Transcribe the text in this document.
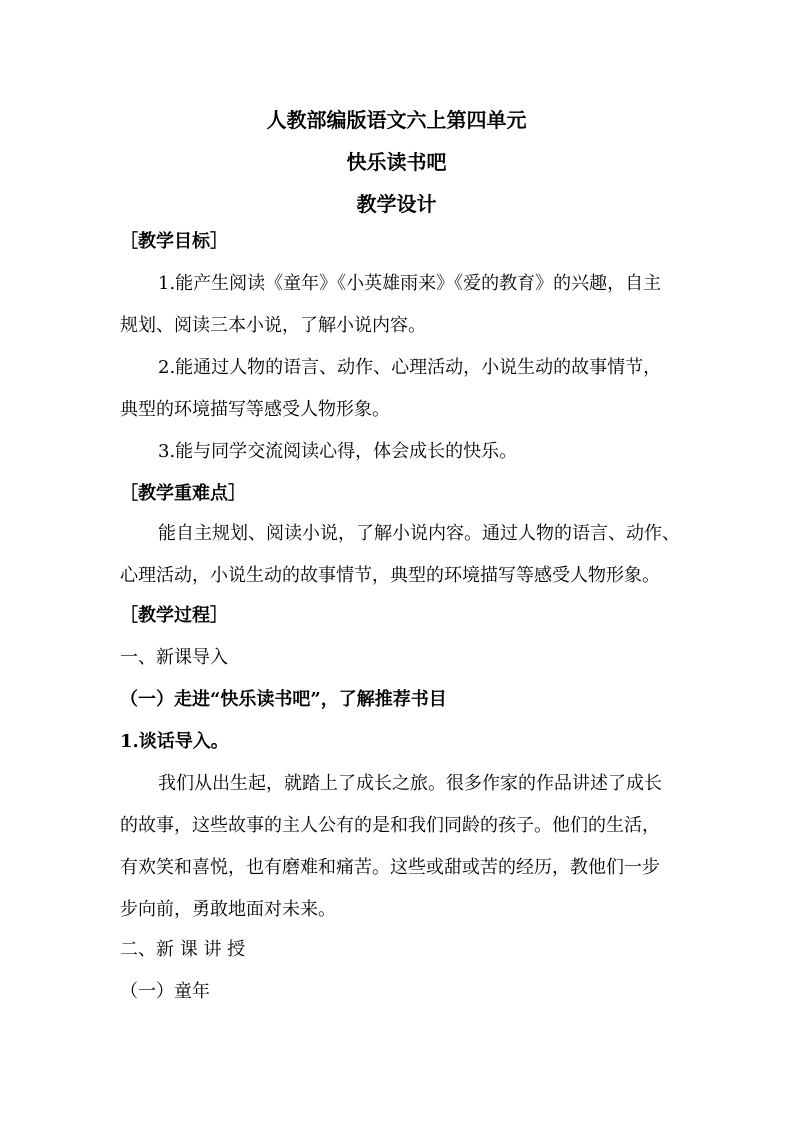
人教部编版语文六上第四单元
快乐读书吧
教学设计
［教学目标］
1.能产生阅读《童年》《小英雄雨来》《爱的教育》的兴趣，自主
规划、阅读三本小说，了解小说内容。
2.能通过人物的语言、动作、心理活动，小说生动的故事情节，
典型的环境描写等感受人物形象。
3.能与同学交流阅读心得，体会成长的快乐。
［教学重难点］
能自主规划、阅读小说，了解小说内容。通过人物的语言、动作、
心理活动，小说生动的故事情节，典型的环境描写等感受人物形象。
［教学过程］
一、新课导入
（一）走进“快乐读书吧”，了解推荐书目
1.谈话导入。
我们从出生起，就踏上了成长之旅。很多作家的作品讲述了成长
的故事，这些故事的主人公有的是和我们同龄的孩子。他们的生活，
有欢笑和喜悦，也有磨难和痛苦。这些或甜或苦的经历，教他们一步
步向前，勇敢地面对未来。
二、新 课 讲 授
（一）童年
